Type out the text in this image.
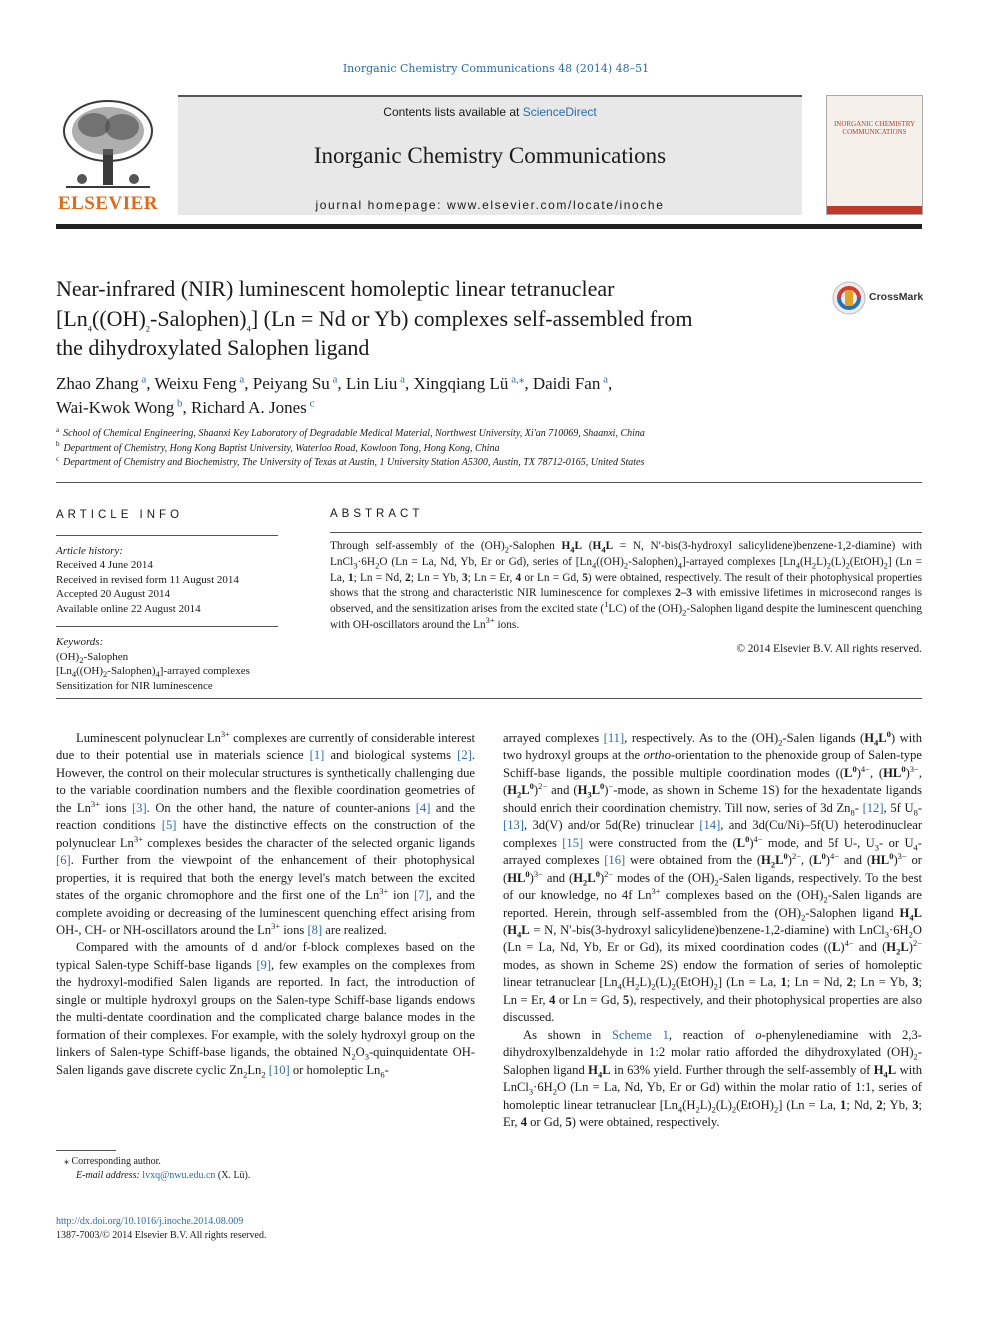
Inorganic Chemistry Communications 48 (2014) 48–51
ELSEVIER
Contents lists available at ScienceDirect
Inorganic Chemistry Communications
journal homepage: www.elsevier.com/locate/inoche
INORGANIC CHEMISTRY COMMUNICATIONS
Near-infrared (NIR) luminescent homoleptic linear tetranuclear
$[Ln_4((OH)_2-Salophen)_4] (Ln = Nd$ or Yb) complexes self-assembled from
the dihydroxylated Salophen ligand
CrossMark
Zhao Zhang $^a$, Weixu Feng $^a$, Peiyang Su $^a$, Lin Liu $^a$, Xingqiang Lü $^{a,⁎}$, Daidi Fan $^a$,
Wai-Kwok Wong $^b$, Richard A. Jones $^c$
$^a$ School of Chemical Engineering, Shaanxi Key Laboratory of Degradable Medical Material, Northwest University, Xi'an 710069, Shaanxi, China
$^b$ Department of Chemistry, Hong Kong Baptist University, Waterloo Road, Kowloon Tong, Hong Kong, China
$^c$ Department of Chemistry and Biochemistry, The University of Texas at Austin, 1 University Station A5300, Austin, TX 78712-0165, United States
ARTICLE INFO
Article history:
Received 4 June 2014
Received in revised form 11 August 2014
Accepted 20 August 2014
Available online 22 August 2014
Keywords:
$(OH)_2$-Salophen
$[Ln_4((OH)_2-Salophen)_4]$-arrayed complexes
Sensitization for NIR luminescence
ABSTRACT
Through self-assembly of the $(OH)_2$-Salophen $H_4L$ ($H_4L = N$, N′-bis(3-hydroxyl salicylidene)benzene-1,2-diamine) with $LnCl_3\cdot 6H_2O$ (Ln = La, Nd, Yb, Er or Gd), series of $[Ln_4((OH)_2-Salophen)_4]$-arrayed complexes $[Ln_4(H_2L)_2(L)_2(EtOH)_2] (Ln = La$, 1; Ln = Nd, 2; Ln = Yb, 3; Ln = Er, 4 or Ln = Gd, 5) were obtained, respectively. The result of their photophysical properties shows that the strong and characteristic NIR luminescence for complexes 2–3 with emissive lifetimes in microsecond ranges is observed, and the sensitization arises from the excited state ($^1$LC) of the $(OH)_2$-Salophen ligand despite the luminescent quenching with OH-oscillators around the $Ln^{3+}$ ions.
© 2014 Elsevier B.V. All rights reserved.

Luminescent polynuclear $Ln^{3+}$ complexes are currently of considerable interest due to their potential use in materials science [1] and biological systems [2]. However, the control on their molecular structures is synthetically challenging due to the variable coordination numbers and the flexible coordination geometries of the $Ln^{3+}$ ions [3]. On the other hand, the nature of counter-anions [4] and the reaction conditions [5] have the distinctive effects on the construction of the polynuclear $Ln^{3+}$ complexes besides the character of the selected organic ligands [6]. Further from the viewpoint of the enhancement of their photophysical properties, it is required that both the energy level's match between the excited states of the organic chromophore and the first one of the $Ln^{3+}$ ion [7], and the complete avoiding or decreasing of the luminescent quenching effect arising from OH-, CH- or NH-oscillators around the $Ln^{3+}$ ions [8] are realized.

Compared with the amounts of d and/or f-block complexes based on the typical Salen-type Schiff-base ligands [9], few examples on the complexes from the hydroxyl-modified Salen ligands are reported. In fact, the introduction of single or multiple hydroxyl groups on the Salen-type Schiff-base ligands endows the multi-dentate coordination and the complicated charge balance modes in the formation of their complexes. For example, with the solely hydroxyl group on the linkers of Salen-type Schiff-base ligands, the obtained $N_2O_3$-quinquidentate OH-Salen ligands gave discrete cyclic $Zn_2Ln_2$ [10] or homoleptic $Ln_6-$

arrayed complexes [11], respectively. As to the $(OH)_2$-Salen ligands $(H_4L^0)$ with two hydroxyl groups at the ortho-orientation to the phenoxide group of Salen-type Schiff-base ligands, the possible multiple coordination modes ($(L^0)^{4-}$, $(HL^0)^{3-}$, $(H_2L^0)^{2-}$ and $(H_3L^0)^-$-mode, as shown in Scheme 1S) for the hexadentate ligands should enrich their coordination chemistry. Till now, series of 3d $Zn_8-$ [12], 5f $U_8-$ [13], 3d(V) and/or 5d(Re) trinuclear [14], and 3d(Cu/Ni)–5f(U) heterodinuclear complexes [15] were constructed from the $(L^0)^{4-}$ mode, and 5f U-, $U_3-$ or $U_4$-arrayed complexes [16] were obtained from the $(H_2L^0)^{2-}$, $(L^0)^{4-}$ and $(HL^0)^{3-}$ or $(HL^0)^{3-}$ and $(H_2L^0)^{2-}$ modes of the $(OH)_2$-Salen ligands, respectively. To the best of our knowledge, no 4f $Ln^{3+}$ complexes based on the $(OH)_2$-Salen ligands are reported. Herein, through self-assembled from the $(OH)_2$-Salophen ligand $H_4L$ ($H_4L = N$, N′-bis(3-hydroxyl salicylidene)benzene-1,2-diamine) with $LnCl_3\cdot 6H_2O$ (Ln = La, Nd, Yb, Er or Gd), its mixed coordination codes ($(L)^{4-}$ and $(H_2L)^{2-}$ modes, as shown in Scheme 2S) endow the formation of series of homoleptic linear tetranuclear $[Ln_4(H_2L)_2(L)_2(EtOH)_2] (Ln = La$, 1; Ln = Nd, 2; Ln = Yb, 3; Ln = Er, 4 or Ln = Gd, 5), respectively, and their photophysical properties are also discussed.

As shown in Scheme 1, reaction of o-phenylenediamine with 2,3-dihydroxylbenzaldehyde in 1:2 molar ratio afforded the dihydroxylated $(OH)_2$-Salophen ligand $H_4L$ in 63% yield. Further through the self-assembly of $H_4L$ with $LnCl_3\cdot 6H_2O$ (Ln = La, Nd, Yb, Er or Gd) within the molar ratio of 1:1, series of homoleptic linear tetranuclear $[Ln_4(H_2L)_2(L)_2(EtOH)_2] (Ln = La$, 1; Nd, 2; Yb, 3; Er, 4 or Gd, 5) were obtained, respectively.

⁎ Corresponding author.
E-mail address: lvxq@nwu.edu.cn (X. Lü).
http://dx.doi.org/10.1016/j.inoche.2014.08.009
1387-7003/© 2014 Elsevier B.V. All rights reserved.
